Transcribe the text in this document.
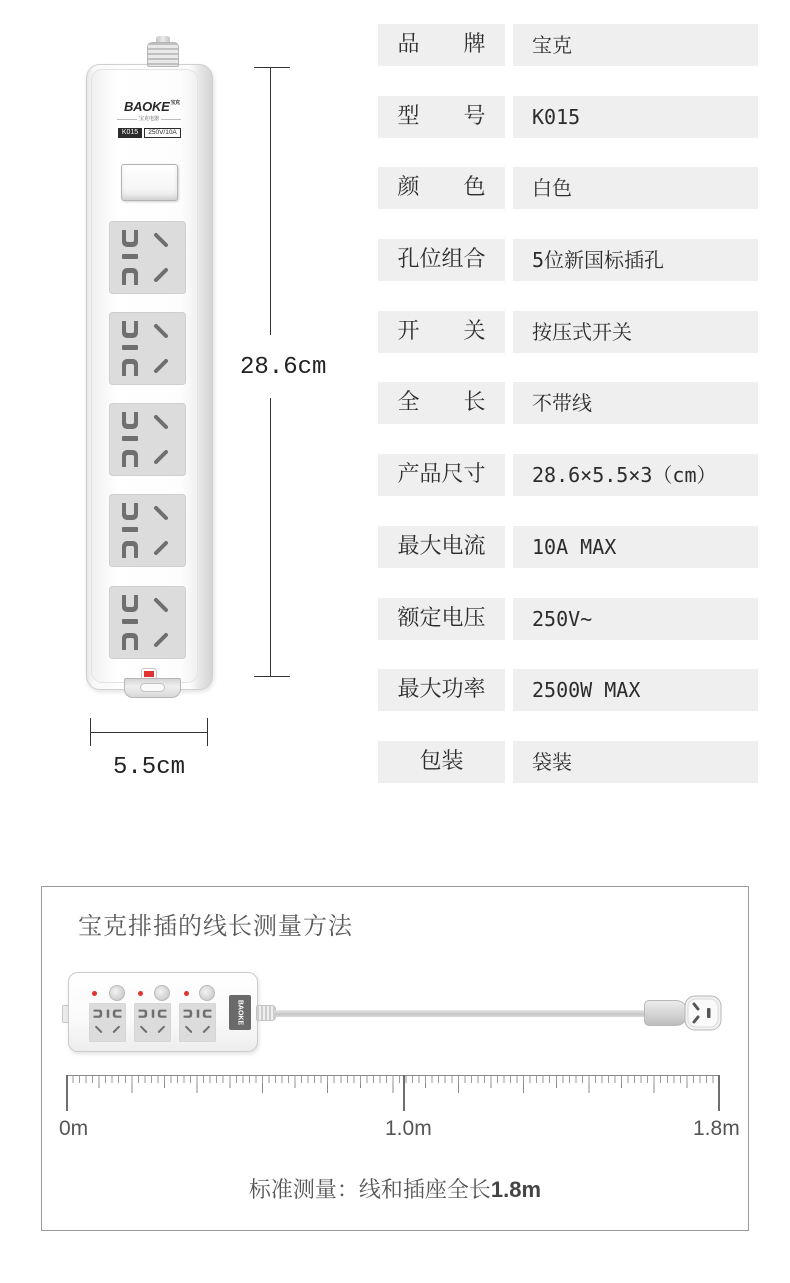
$BAOKE^{宝克}$
宝克电器
K015	250V/10A
28.6cm
5.5cm
品　　牌	宝克
型　　号	K015
颜　　色	白色
孔位组合	5位新国标插孔
开　　关	按压式开关
全　　长	不带线
产品尺寸	28.6×5.5×3（cm）
最大电流	10A MAX
额定电压	250V~
最大功率	2500W MAX
包装	袋装
宝克排插的线长测量方法
BAOKE
0m	1.0m	1.8m
标准测量：线和插座全长1.8m
